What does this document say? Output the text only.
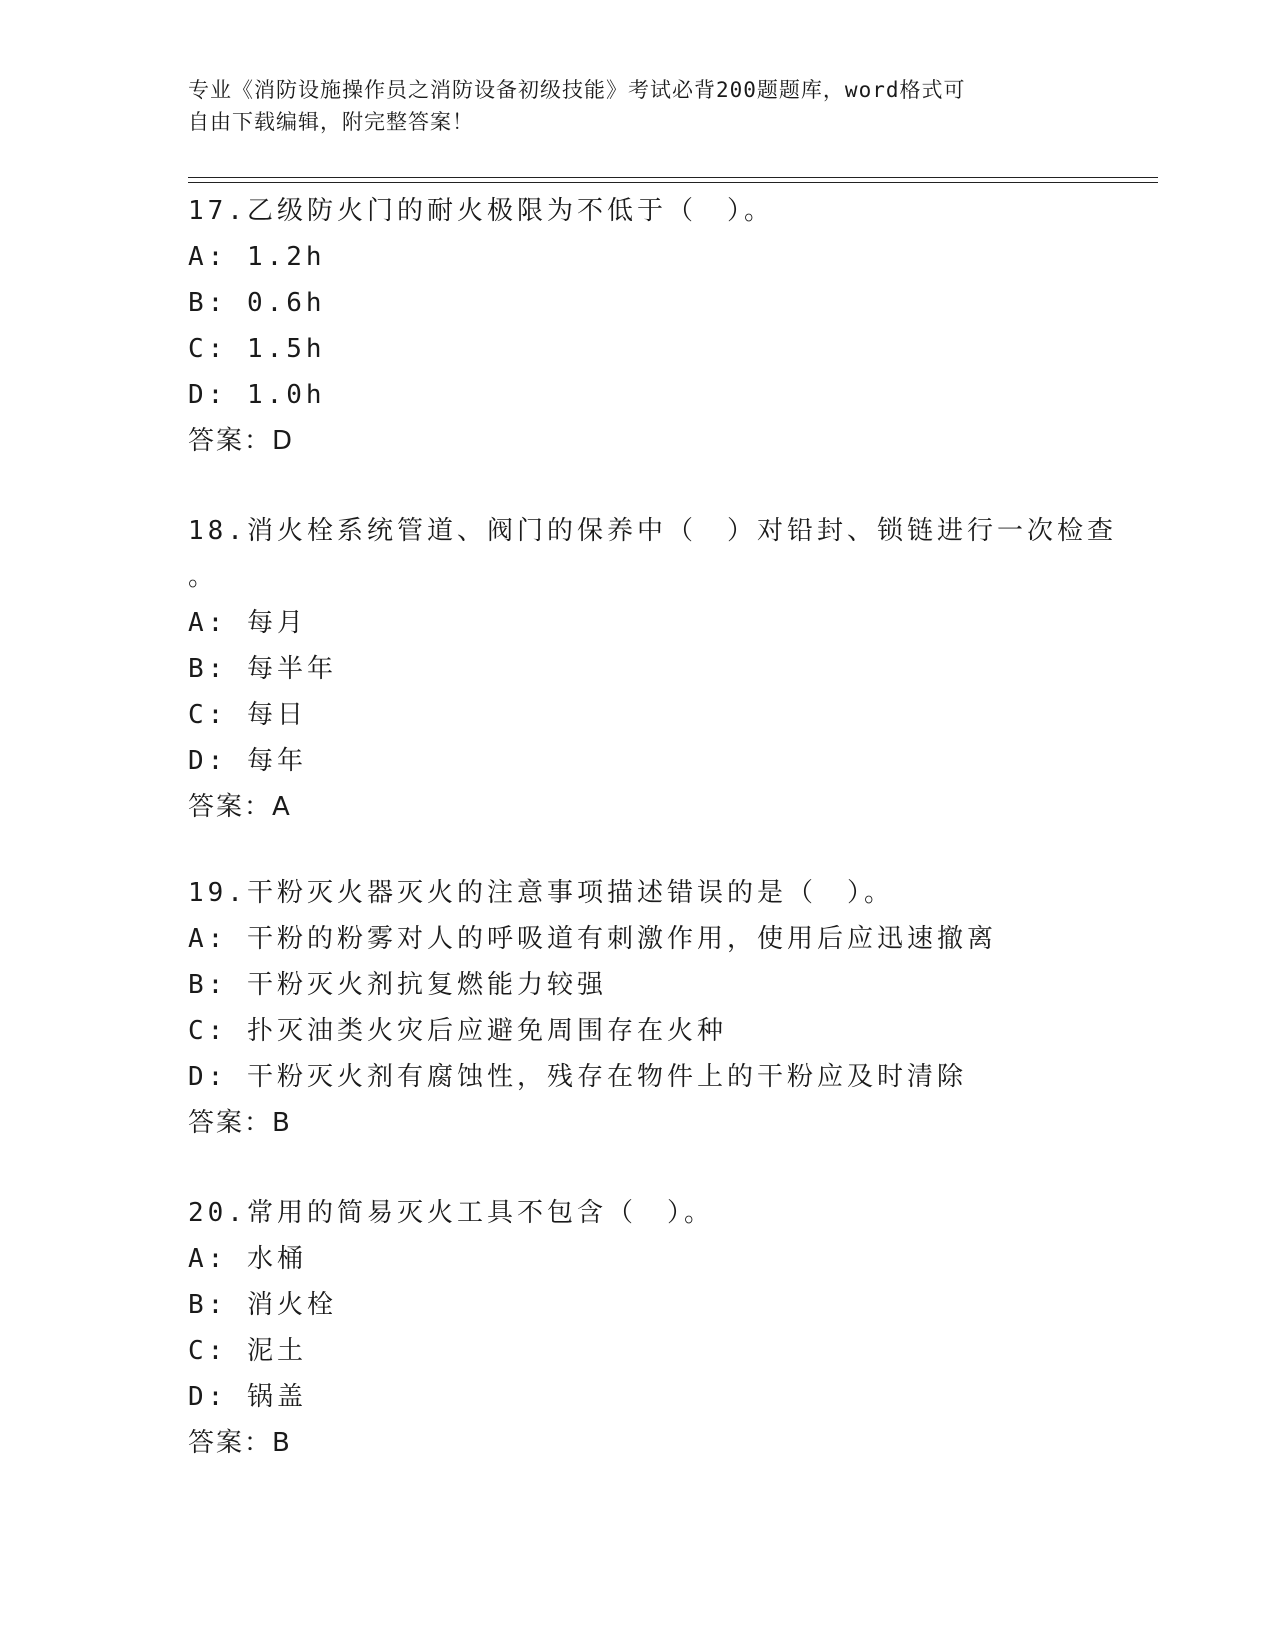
专业《消防设施操作员之消防设备初级技能》考试必背200题题库，word格式可
自由下载编辑，附完整答案！
17.乙级防火门的耐火极限为不低于（　）。
A: 1.2h
B: 0.6h
C: 1.5h
D: 1.0h
答案：D
18.消火栓系统管道、阀门的保养中（　）对铅封、锁链进行一次检查
。
A: 每月
B: 每半年
C: 每日
D: 每年
答案：A
19.干粉灭火器灭火的注意事项描述错误的是（　）。
A: 干粉的粉雾对人的呼吸道有刺激作用，使用后应迅速撤离
B: 干粉灭火剂抗复燃能力较强
C: 扑灭油类火灾后应避免周围存在火种
D: 干粉灭火剂有腐蚀性，残存在物件上的干粉应及时清除
答案：B
20.常用的简易灭火工具不包含（　）。
A: 水桶
B: 消火栓
C: 泥土
D: 锅盖
答案：B
